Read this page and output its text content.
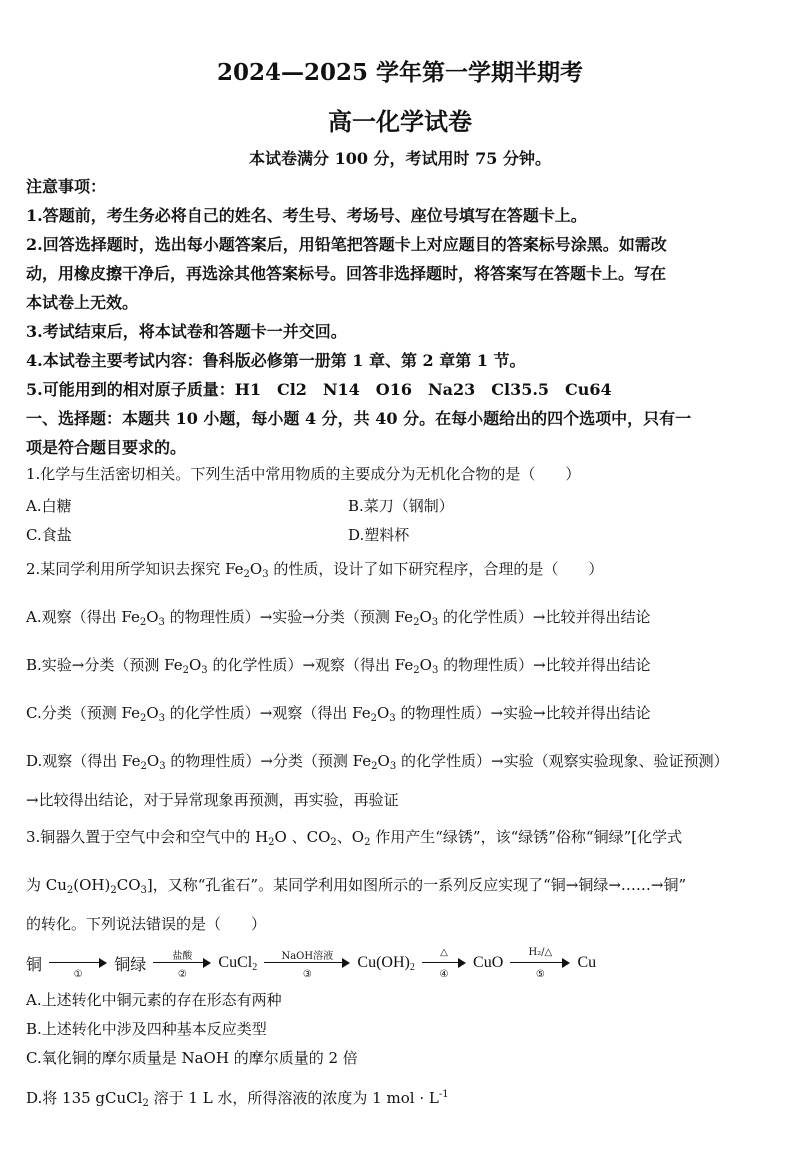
2024—2025 学年第一学期半期考
高一化学试卷
本试卷满分 100 分，考试用时 75 分钟。
注意事项：
1.答题前，考生务必将自己的姓名、考生号、考场号、座位号填写在答题卡上。
2.回答选择题时，选出每小题答案后，用铅笔把答题卡上对应题目的答案标号涂黑。如需改
动，用橡皮擦干净后，再选涂其他答案标号。回答非选择题时，将答案写在答题卡上。写在
本试卷上无效。
3.考试结束后，将本试卷和答题卡一并交回。
4.本试卷主要考试内容：鲁科版必修第一册第 1 章、第 2 章第 1 节。
5.可能用到的相对原子质量：H1　Cl2　N14　O16　Na23　Cl35.5　Cu64
一、选择题：本题共 10 小题，每小题 4 分，共 40 分。在每小题给出的四个选项中，只有一
项是符合题目要求的。
1.化学与生活密切相关。下列生活中常用物质的主要成分为无机化合物的是（　　）
A.白糖	B.菜刀（钢制）
C.食盐	D.塑料杯
2.某同学利用所学知识去探究 $Fe_2O_3$ 的性质，设计了如下研究程序，合理的是（　　）
A.观察（得出 $Fe_2O_3$ 的物理性质）→实验→分类（预测 $Fe_2O_3$ 的化学性质）→比较并得出结论
B.实验→分类（预测 $Fe_2O_3$ 的化学性质）→观察（得出 $Fe_2O_3$ 的物理性质）→比较并得出结论
C.分类（预测 $Fe_2O_3$ 的化学性质）→观察（得出 $Fe_2O_3$ 的物理性质）→实验→比较并得出结论
D.观察（得出 $Fe_2O_3$ 的物理性质）→分类（预测 $Fe_2O_3$ 的化学性质）→实验（观察实验现象、验证预测）
→比较得出结论，对于异常现象再预测，再实验，再验证
3.铜器久置于空气中会和空气中的 $H_2O$ 、$CO_2$、$O_2$ 作用产生“绿锈”，该“绿锈”俗称“铜绿”[化学式
为 $Cu_2(OH)_2CO_3$]，又称“孔雀石”。某同学利用如图所示的一系列反应实现了“铜→铜绿→……→铜”
的转化。下列说法错误的是（　　）
铜
①
铜绿	盐酸
②
CuCl$_2$
NaOH溶液
③
$Cu(OH)_2$
△
④
CuO
H₂/△
⑤
Cu
A.上述转化中铜元素的存在形态有两种
B.上述转化中涉及四种基本反应类型
C.氧化铜的摩尔质量是 NaOH 的摩尔质量的 2 倍
D.将 135 gCuCl$_2$ 溶于 1 L 水，所得溶液的浓度为 1 mol · $L^{-1}$
